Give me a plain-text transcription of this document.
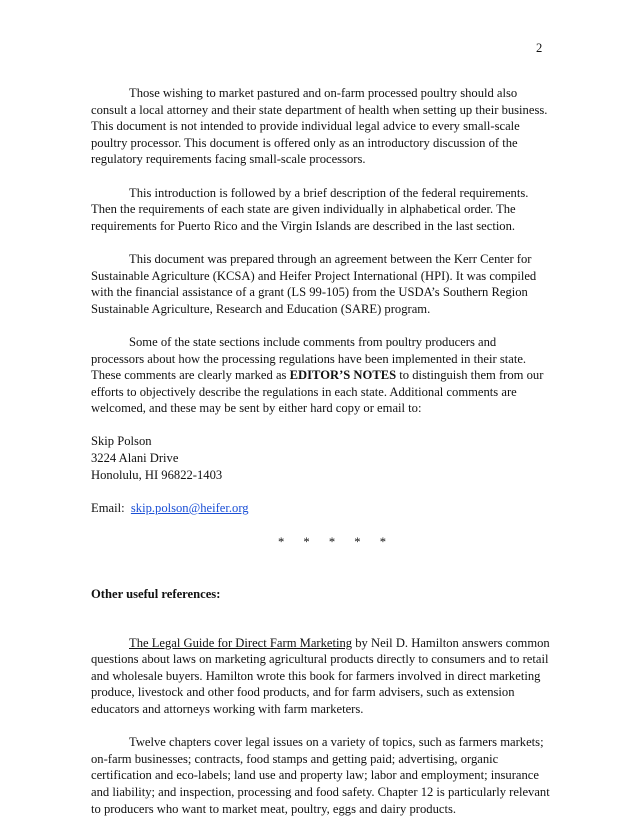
2

Those wishing to market pastured and on-farm processed poultry should also consult a local attorney and their state department of health when setting up their business. This document is not intended to provide individual legal advice to every small-scale poultry processor. This document is offered only as an introductory discussion of the regulatory requirements facing small-scale processors.

This introduction is followed by a brief description of the federal requirements. Then the requirements of each state are given individually in alphabetical order. The requirements for Puerto Rico and the Virgin Islands are described in the last section.

This document was prepared through an agreement between the Kerr Center for Sustainable Agriculture (KCSA) and Heifer Project International (HPI). It was compiled with the financial assistance of a grant (LS 99-105) from the USDA’s Southern Region Sustainable Agriculture, Research and Education (SARE) program.

Some of the state sections include comments from poultry producers and processors about how the processing regulations have been implemented in their state. These comments are clearly marked as EDITOR’S NOTES to distinguish them from our efforts to objectively describe the regulations in each state. Additional comments are welcomed, and these may be sent by either hard copy or email to:

Skip Polson
3224 Alani Drive
Honolulu, HI 96822-1403
Email: skip.polson@heifer.org
* * * * *
Other useful references:

The Legal Guide for Direct Farm Marketing by Neil D. Hamilton answers common questions about laws on marketing agricultural products directly to consumers and to retail and wholesale buyers. Hamilton wrote this book for farmers involved in direct marketing produce, livestock and other food products, and for farm advisers, such as extension educators and attorneys working with farm marketers.

Twelve chapters cover legal issues on a variety of topics, such as farmers markets; on-farm businesses; contracts, food stamps and getting paid; advertising, organic certification and eco-labels; land use and property law; labor and employment; insurance and liability; and inspection, processing and food safety. Chapter 12 is particularly relevant to producers who want to market meat, poultry, eggs and dairy products.
